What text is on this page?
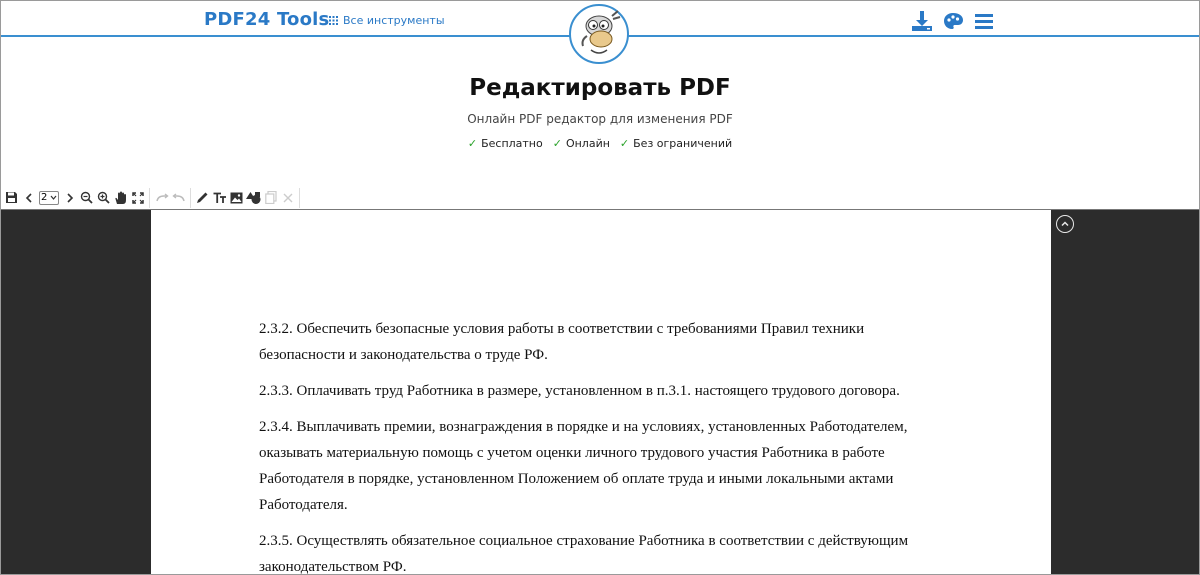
PDF24 Tools Все инструменты
Редактировать PDF
Онлайн PDF редактор для изменения PDF
✓ Бесплатно ✓ Онлайн ✓ Без ограничений
2

2.3.2. Обеспечить безопасные условия работы в соответствии с требованиями Правил техники безопасности и законодательства о труде РФ.

2.3.3. Оплачивать труд Работника в размере, установленном в п.3.1. настоящего трудового договора.

2.3.4. Выплачивать премии, вознаграждения в порядке и на условиях, установленных Работодателем, оказывать материальную помощь с учетом оценки личного трудового участия Работника в работе Работодателя в порядке, установленном Положением об оплате труда и иными локальными актами Работодателя.

2.3.5. Осуществлять обязательное социальное страхование Работника в соответствии с действующим законодательством РФ.
